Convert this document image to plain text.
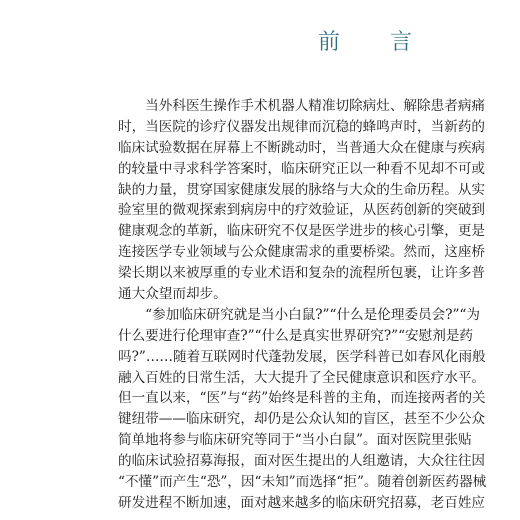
前　言
　　当外科医生操作手术机器人精准切除病灶、解除患者病痛
时，当医院的诊疗仪器发出规律而沉稳的蜂鸣声时，当新药的
临床试验数据在屏幕上不断跳动时，当普通大众在健康与疾病
的较量中寻求科学答案时，临床研究正以一种看不见却不可或
缺的力量，贯穿国家健康发展的脉络与大众的生命历程。从实
验室里的微观探索到病房中的疗效验证，从医药创新的突破到
健康观念的革新，临床研究不仅是医学进步的核心引擎，更是
连接医学专业领域与公众健康需求的重要桥梁。然而，这座桥
梁长期以来被厚重的专业术语和复杂的流程所包裹，让许多普
通大众望而却步。
　　“参加临床研究就是当小白鼠?”“什么是伦理委员会?”“为
什么要进行伦理审查?”“什么是真实世界研究?”“安慰剂是药
吗?”……随着互联网时代蓬勃发展，医学科普已如春风化雨般
融入百姓的日常生活，大大提升了全民健康意识和医疗水平。
但一直以来，“医”与“药”始终是科普的主角，而连接两者的关
键纽带——临床研究，却仍是公众认知的盲区，甚至不少公众
简单地将参与临床研究等同于“当小白鼠”。面对医院里张贴
的临床试验招募海报，面对医生提出的人组邀请，大众往往因
“不懂”而产生“恐”，因“未知”而选择“拒”。随着创新医药器械
研发进程不断加速，面对越来越多的临床研究招募，老百姓应
